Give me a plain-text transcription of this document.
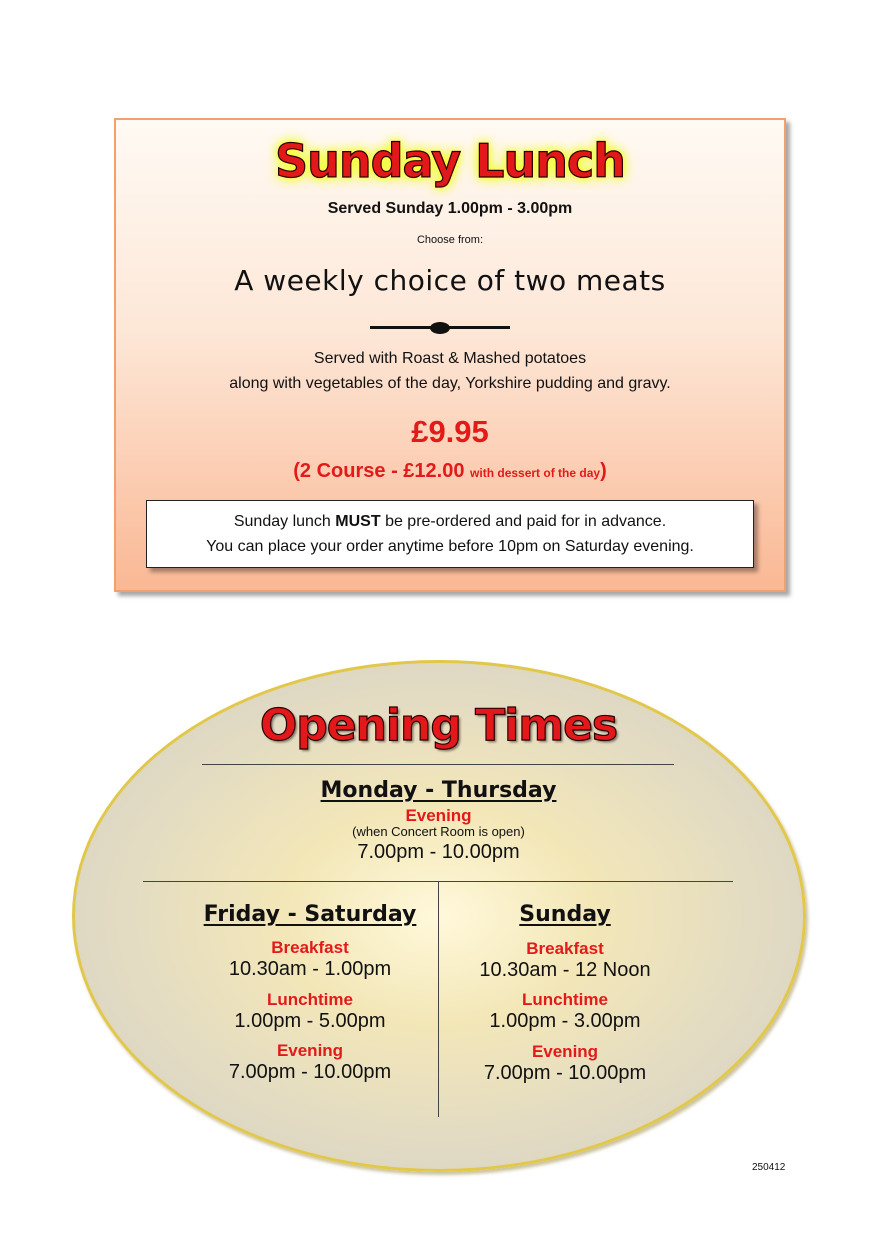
Sunday Lunch
Served Sunday 1.00pm - 3.00pm
Choose from:
A weekly choice of two meats
Served with Roast & Mashed potatoes
along with vegetables of the day, Yorkshire pudding and gravy.
£9.95
(2 Course - £12.00 with dessert of the day)
Sunday lunch MUST be pre-ordered and paid for in advance.
You can place your order anytime before 10pm on Saturday evening.
Opening Times
Monday - Thursday
Evening
(when Concert Room is open)
7.00pm - 10.00pm
Friday - Saturday
Breakfast
10.30am - 1.00pm
Lunchtime
1.00pm - 5.00pm
Evening
7.00pm - 10.00pm
Sunday
Breakfast
10.30am - 12 Noon
Lunchtime
1.00pm - 3.00pm
Evening
7.00pm - 10.00pm
250412
